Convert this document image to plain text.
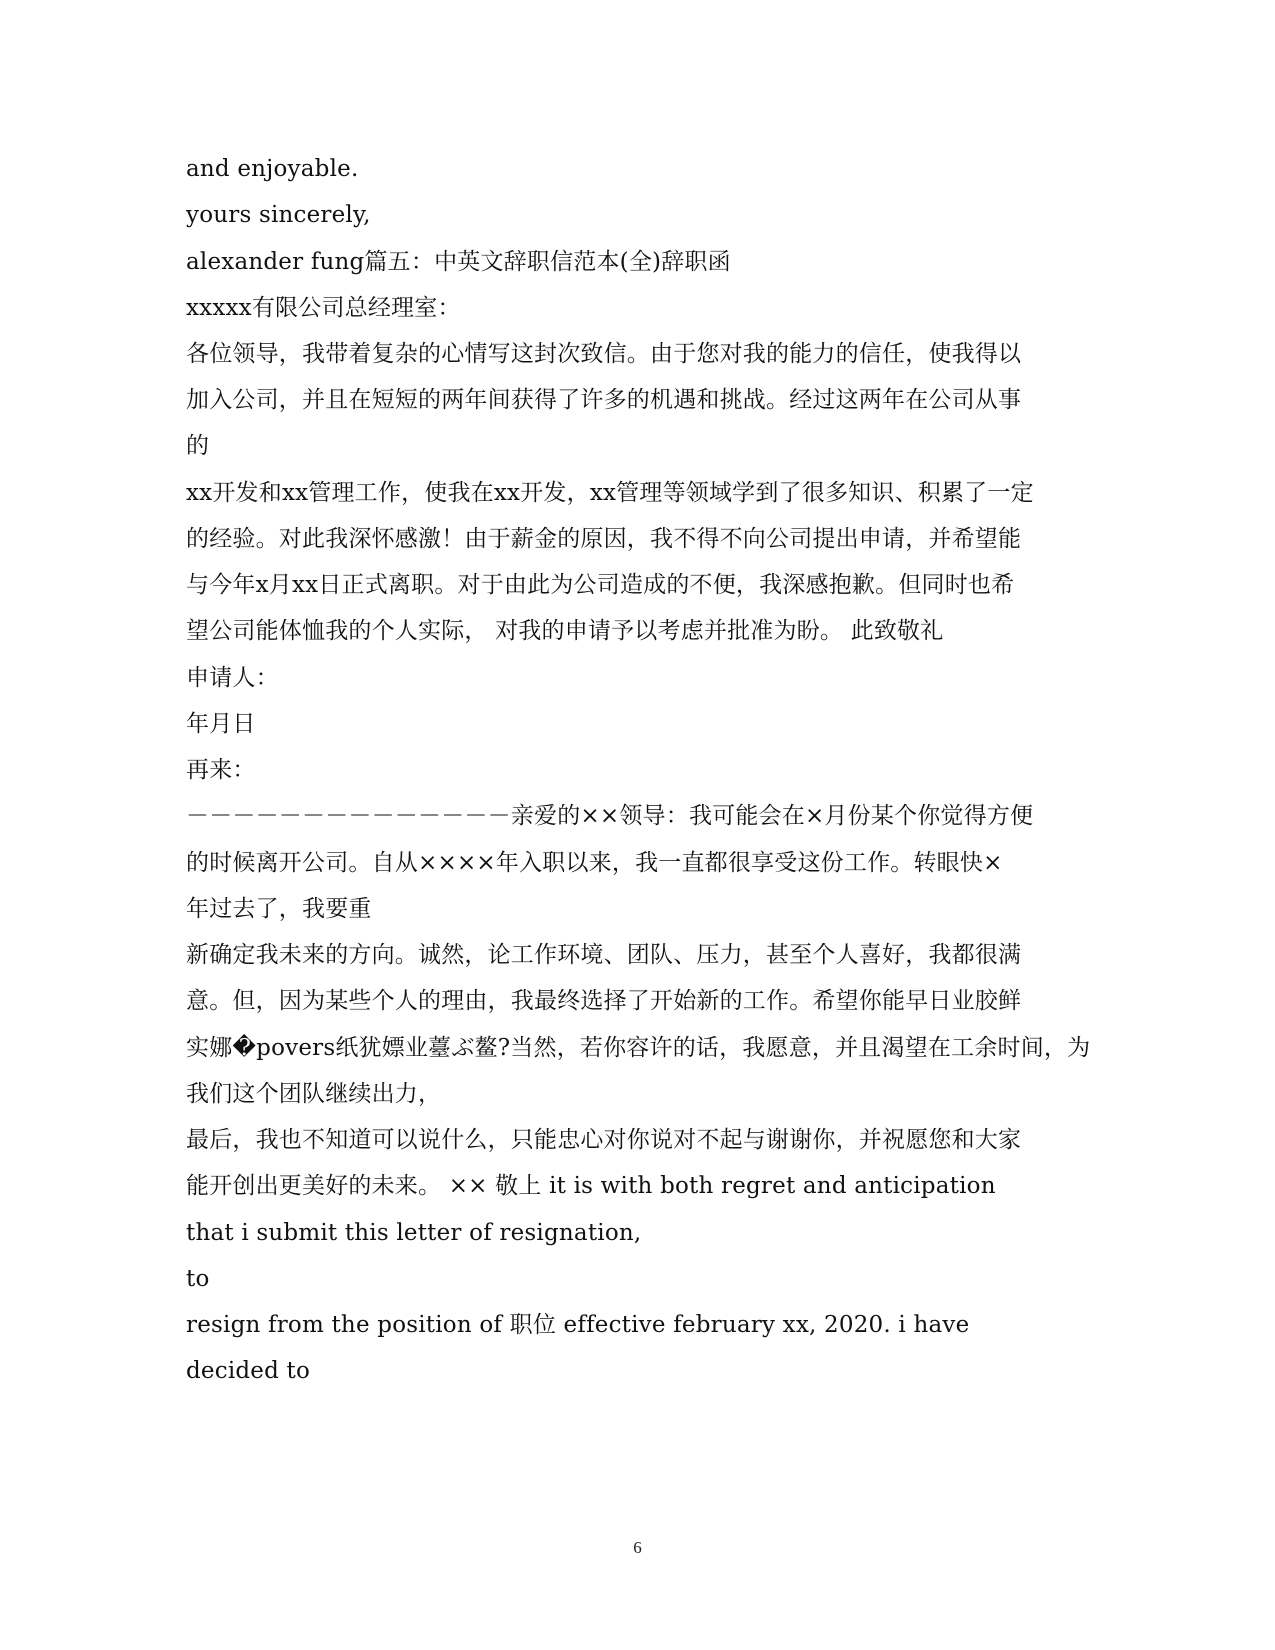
and enjoyable.

yours sincerely,

alexander fung篇五：中英文辞职信范本(全)辞职函

xxxxx有限公司总经理室：

各位领导，我带着复杂的心情写这封次致信。由于您对我的能力的信任，使我得以

加入公司，并且在短短的两年间获得了许多的机遇和挑战。经过这两年在公司从事

的

xx开发和xx管理工作，使我在xx开发，xx管理等领域学到了很多知识、积累了一定

的经验。对此我深怀感激！由于薪金的原因，我不得不向公司提出申请，并希望能

与今年x月xx日正式离职。对于由此为公司造成的不便，我深感抱歉。但同时也希

望公司能体恤我的个人实际， 对我的申请予以考虑并批准为盼。 此致敬礼

申请人：

年月日

再来：

－－－－－－－－－－－－－－亲爱的××领导：我可能会在×月份某个你觉得方便

的时候离开公司。自从××××年入职以来，我一直都很享受这份工作。转眼快×

年过去了，我要重

新确定我未来的方向。诚然，论工作环境、团队、压力，甚至个人喜好，我都很满

意。但，因为某些个人的理由，我最终选择了开始新的工作。希望你能早日业胶鲜

实娜�povers纸犹嫖业薹ぶ鳌?当然，若你容许的话，我愿意，并且渴望在工余时间，为

我们这个团队继续出力，

最后，我也不知道可以说什么，只能忠心对你说对不起与谢谢你，并祝愿您和大家

能开创出更美好的未来。 ×× 敬上 it is with both regret and anticipation

that i submit this letter of resignation,

to

resign from the position of 职位 effective february xx, 2020. i have

decided to

6
